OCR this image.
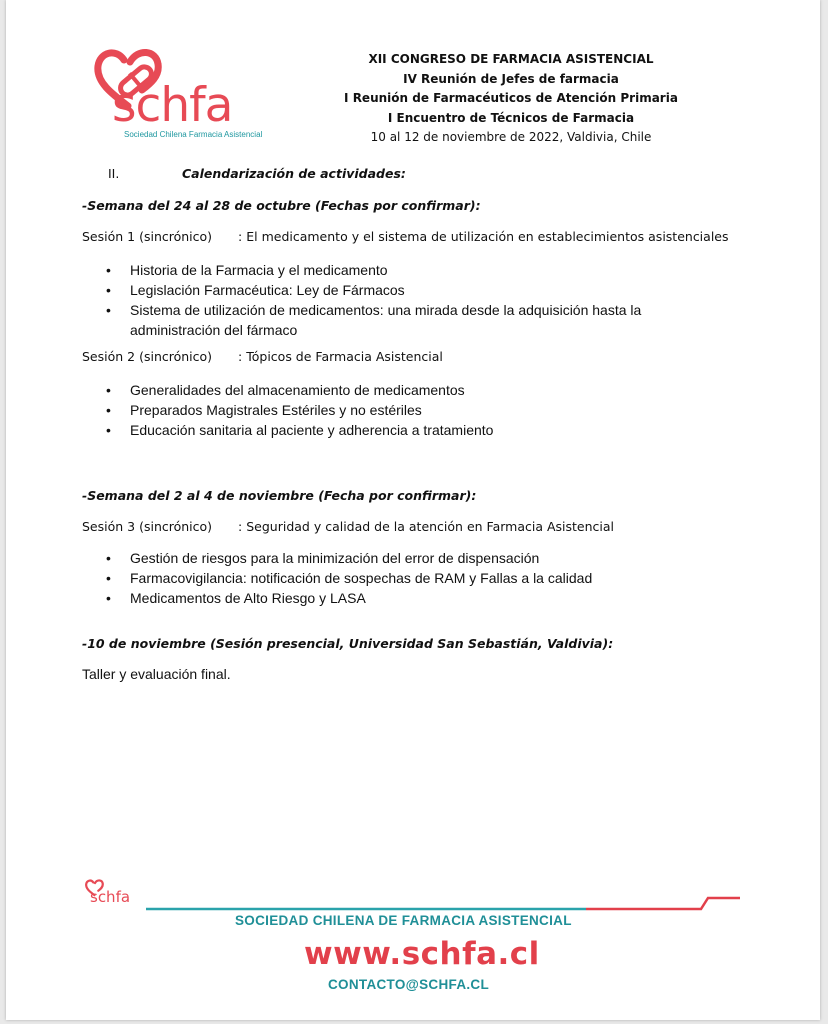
schfa
Sociedad Chilena Farmacia Asistencial
XII CONGRESO DE FARMACIA ASISTENCIAL
IV Reunión de Jefes de farmacia
I Reunión de Farmacéuticos de Atención Primaria
I Encuentro de Técnicos de Farmacia
10 al 12 de noviembre de 2022, Valdivia, Chile
II.	Calendarización de actividades:
-Semana del 24 al 28 de octubre (Fechas por confirmar):
Sesión 1 (sincrónico) : El medicamento y el sistema de utilización en establecimientos asistenciales
• Historia de la Farmacia y el medicamento
• Legislación Farmacéutica: Ley de Fármacos
• Sistema de utilización de medicamentos: una mirada desde la adquisición hasta la administración del fármaco
Sesión 2 (sincrónico) : Tópicos de Farmacia Asistencial
• Generalidades del almacenamiento de medicamentos
• Preparados Magistrales Estériles y no estériles
• Educación sanitaria al paciente y adherencia a tratamiento
-Semana del 2 al 4 de noviembre (Fecha por confirmar):
Sesión 3 (sincrónico) : Seguridad y calidad de la atención en Farmacia Asistencial
• Gestión de riesgos para la minimización del error de dispensación
• Farmacovigilancia: notificación de sospechas de RAM y Fallas a la calidad
• Medicamentos de Alto Riesgo y LASA
-10 de noviembre (Sesión presencial, Universidad San Sebastián, Valdivia):
Taller y evaluación final.
schfa
SOCIEDAD CHILENA DE FARMACIA ASISTENCIAL
www.schfa.cl
CONTACTO@SCHFA.CL
